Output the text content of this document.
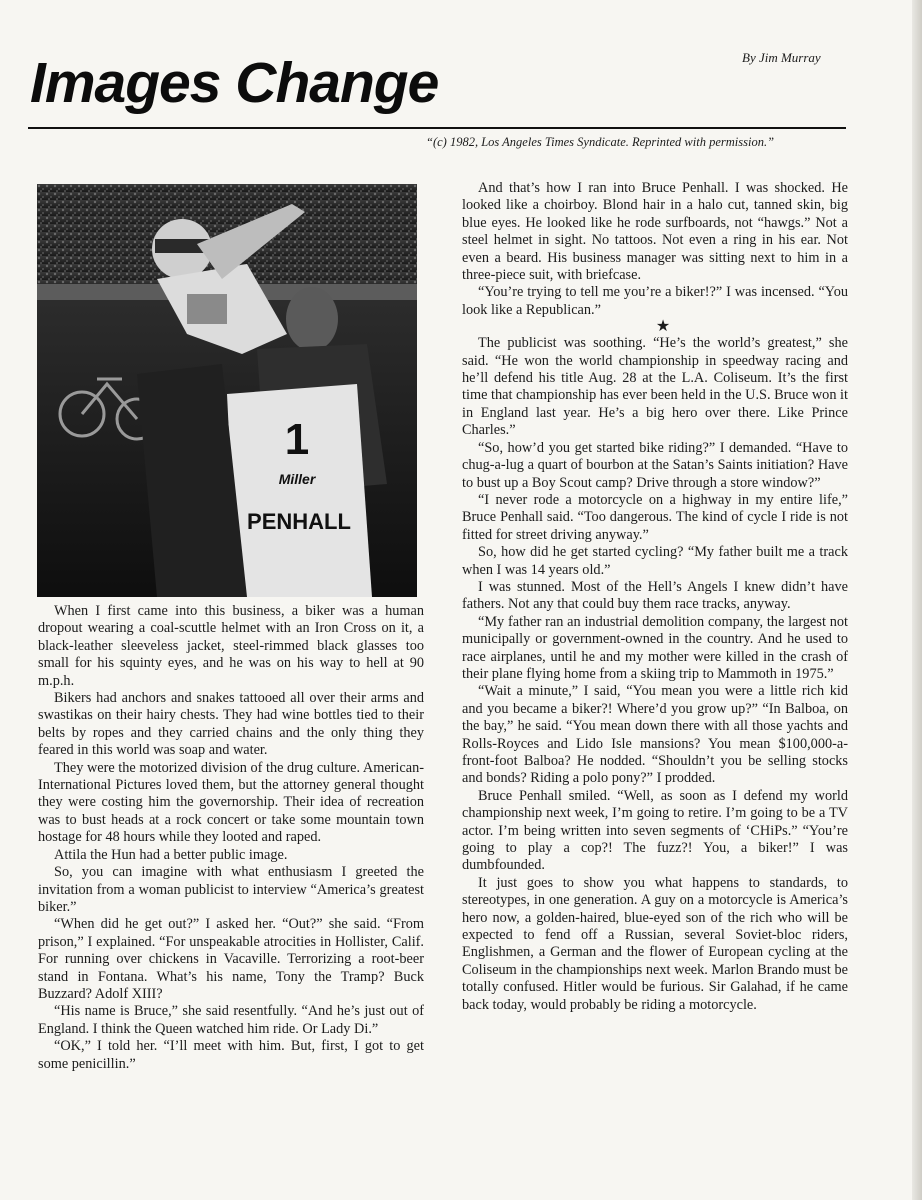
Images Change	By Jim Murray
“(c) 1982, Los Angeles Times Syndicate. Reprinted with permission.”
1
Miller
PENHALL

When I first came into this business, a biker was a human dropout wearing a coal-scuttle helmet with an Iron Cross on it, a black-leather sleeveless jacket, steel-rimmed black glasses too small for his squinty eyes, and he was on his way to hell at 90 m.p.h.

Bikers had anchors and snakes tattooed all over their arms and swastikas on their hairy chests. They had wine bottles tied to their belts by ropes and they carried chains and the only thing they feared in this world was soap and water.

They were the motorized division of the drug culture. American-International Pictures loved them, but the attorney general thought they were costing him the governorship. Their idea of recreation was to bust heads at a rock concert or take some mountain town hostage for 48 hours while they looted and raped.

Attila the Hun had a better public image.

So, you can imagine with what enthusiasm I greeted the invitation from a woman publicist to interview “America’s greatest biker.”

“When did he get out?” I asked her. “Out?” she said. “From prison,” I explained. “For unspeakable atrocities in Hollister, Calif. For running over chickens in Vacaville. Terrorizing a root-beer stand in Fontana. What’s his name, Tony the Tramp? Buck Buzzard? Adolf XIII?

“His name is Bruce,” she said resentfully. “And he’s just out of England. I think the Queen watched him ride. Or Lady Di.”

“OK,” I told her. “I’ll meet with him. But, first, I got to get some penicillin.”

And that’s how I ran into Bruce Penhall. I was shocked. He looked like a choirboy. Blond hair in a halo cut, tanned skin, big blue eyes. He looked like he rode surfboards, not “hawgs.” Not a steel helmet in sight. No tattoos. Not even a ring in his ear. Not even a beard. His business manager was sitting next to him in a three-piece suit, with briefcase.

“You’re trying to tell me you’re a biker!?” I was incensed. “You look like a Republican.”

★

The publicist was soothing. “He’s the world’s greatest,” she said. “He won the world championship in speedway racing and he’ll defend his title Aug. 28 at the L.A. Coliseum. It’s the first time that championship has ever been held in the U.S. Bruce won it in England last year. He’s a big hero over there. Like Prince Charles.”

“So, how’d you get started bike riding?” I demanded. “Have to chug-a-lug a quart of bourbon at the Satan’s Saints initiation? Have to bust up a Boy Scout camp? Drive through a store window?”

“I never rode a motorcycle on a highway in my entire life,” Bruce Penhall said. “Too dangerous. The kind of cycle I ride is not fitted for street driving anyway.”

So, how did he get started cycling? “My father built me a track when I was 14 years old.”

I was stunned. Most of the Hell’s Angels I knew didn’t have fathers. Not any that could buy them race tracks, anyway.

“My father ran an industrial demolition company, the largest not municipally or government-owned in the country. And he used to race airplanes, until he and my mother were killed in the crash of their plane flying home from a skiing trip to Mammoth in 1975.”

“Wait a minute,” I said, “You mean you were a little rich kid and you became a biker?! Where’d you grow up?” “In Balboa, on the bay,” he said. “You mean down there with all those yachts and Rolls-Royces and Lido Isle mansions? You mean $100,000-a-front-foot Balboa? He nodded. “Shouldn’t you be selling stocks and bonds? Riding a polo pony?” I prodded.

Bruce Penhall smiled. “Well, as soon as I defend my world championship next week, I’m going to retire. I’m going to be a TV actor. I’m being written into seven segments of ‘CHiPs.” “You’re going to play a cop?! The fuzz?! You, a biker!” I was dumbfounded.

It just goes to show you what happens to standards, to stereotypes, in one generation. A guy on a motorcycle is America’s hero now, a golden-haired, blue-eyed son of the rich who will be expected to fend off a Russian, several Soviet-bloc riders, Englishmen, a German and the flower of European cycling at the Coliseum in the championships next week. Marlon Brando must be totally confused. Hitler would be furious. Sir Galahad, if he came back today, would probably be riding a motorcycle.
